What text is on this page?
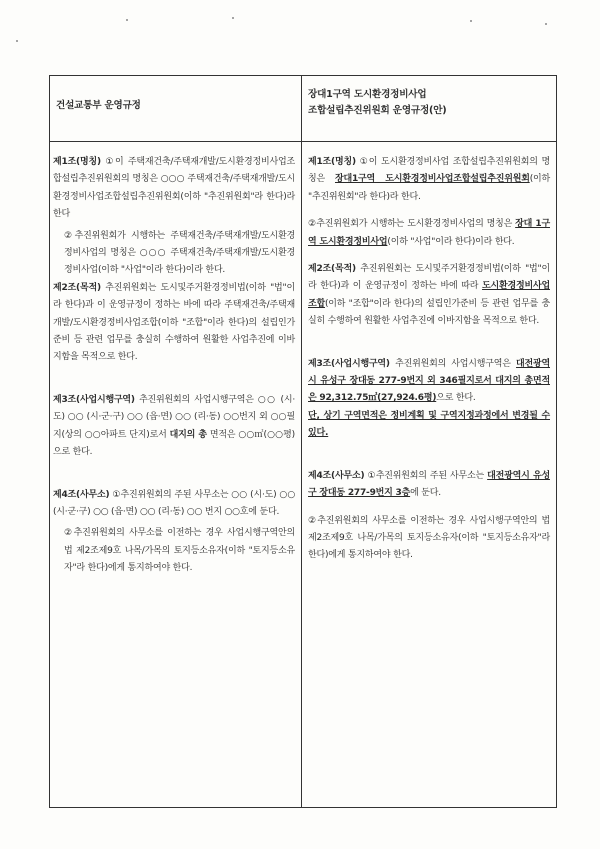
건설교통부 운영규정
장대1구역 도시환경정비사업
조합설립추진위원회 운영규정(안)

제1조(명칭) ①이 주택재건축/주택재개발/도시환경정비사업조합설립추진위원회의 명칭은 ○○○ 주택재건축/주택재개발/도시환경정비사업조합설립추진위원회(이하 "추진위원회"라 한다)라 한다

②추진위원회가 시행하는 주택재건축/주택재개발/도시환경정비사업의 명칭은 ○○○ 주택재건축/주택재개발/도시환경정비사업(이하 "사업"이라 한다)이라 한다.

제2조(목적) 추진위원회는 도시및주거환경정비법(이하 "법"이라 한다)과 이 운영규정이 정하는 바에 따라 주택재건축/주택재개발/도시환경정비사업조합(이하 "조합"이라 한다)의 설립인가준비 등 관련 업무를 충실히 수행하여 원활한 사업추진에 이바지함을 목적으로 한다.

제3조(사업시행구역) 추진위원회의 사업시행구역은 ○○ (시·도) ○○ (시·군·구) ○○ (읍·면) ○○ (리·동) ○○번지 외 ○○필지(상의 ○○아파트 단지)로서 대지의 총 면적은 ○○㎡(○○평)으로 한다.

제4조(사무소) ①추진위원회의 주된 사무소는 ○○ (시·도) ○○ (시·군·구) ○○ (읍·면) ○○ (리·동) ○○ 번지 ○○호에 둔다.

②추진위원회의 사무소를 이전하는 경우 사업시행구역안의 법 제2조제9호 나목/가목의 토지등소유자(이하 "토지등소유자"라 한다)에게 통지하여야 한다.

제1조(명칭) ①이 도시환경정비사업 조합설립추진위원회의 명칭은 장대1구역 도시환경정비사업조합설립추진위원회(이하 "추진위원회"라 한다)라 한다.

②추진위원회가 시행하는 도시환경정비사업의 명칭은 장대 1구역 도시환경정비사업(이하 "사업"이라 한다)이라 한다.

제2조(목적) 추진위원회는 도시및주거환경정비법(이하 "법"이라 한다)과 이 운영규정이 정하는 바에 따라 도시환경정비사업조합(이하 "조합"이라 한다)의 설립인가준비 등 관련 업무를 충실히 수행하여 원활한 사업추진에 이바지함을 목적으로 한다.

제3조(사업시행구역) 추진위원회의 사업시행구역은 대전광역시 유성구 장대동 277-9번지 외 346필지로서 대지의 총면적은 92,312.75㎡(27,924.6평)으로 한다.

단, 상기 구역면적은 정비계획 및 구역지정과정에서 변경될 수 있다.

제4조(사무소) ①추진위원회의 주된 사무소는 대전광역시 유성구 장대동 277-9번지 3층에 둔다.

②추진위원회의 사무소를 이전하는 경우 사업시행구역안의 법 제2조제9호 나목/가목의 토지등소유자(이하 "토지등소유자"라 한다)에게 통지하여야 한다.
